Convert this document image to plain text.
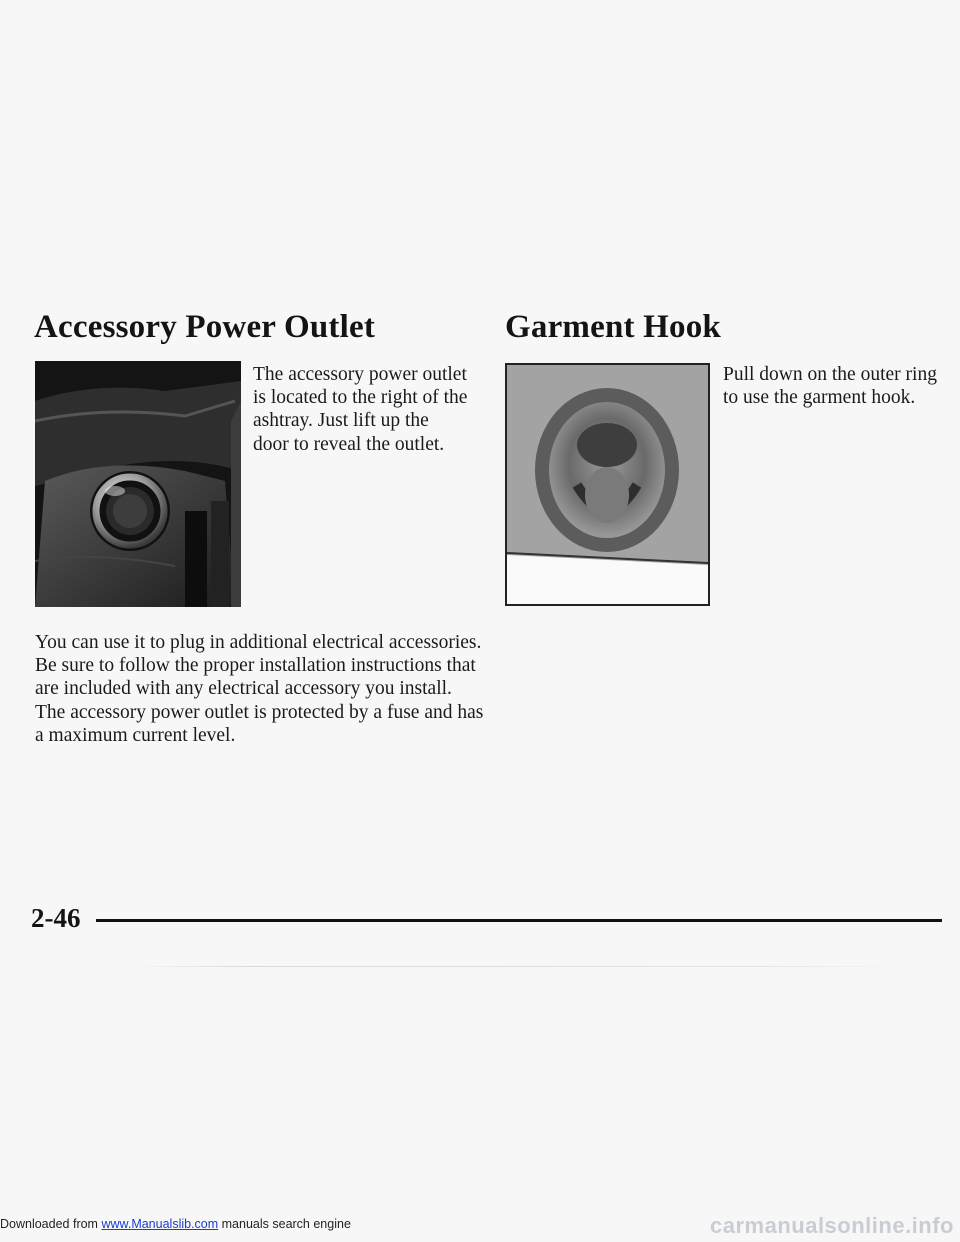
Accessory Power Outlet	Garment Hook

The accessory power outlet is located to the right of the ashtray. Just lift up the door to reveal the outlet.

Pull down on the outer ring to use the garment hook.

You can use it to plug in additional electrical accessories. Be sure to follow the proper installation instructions that are included with any electrical accessory you install. The accessory power outlet is protected by a fuse and has a maximum current level.

2-46

Downloaded from www.Manualslib.com manuals search engine	carmanualsonline.info
